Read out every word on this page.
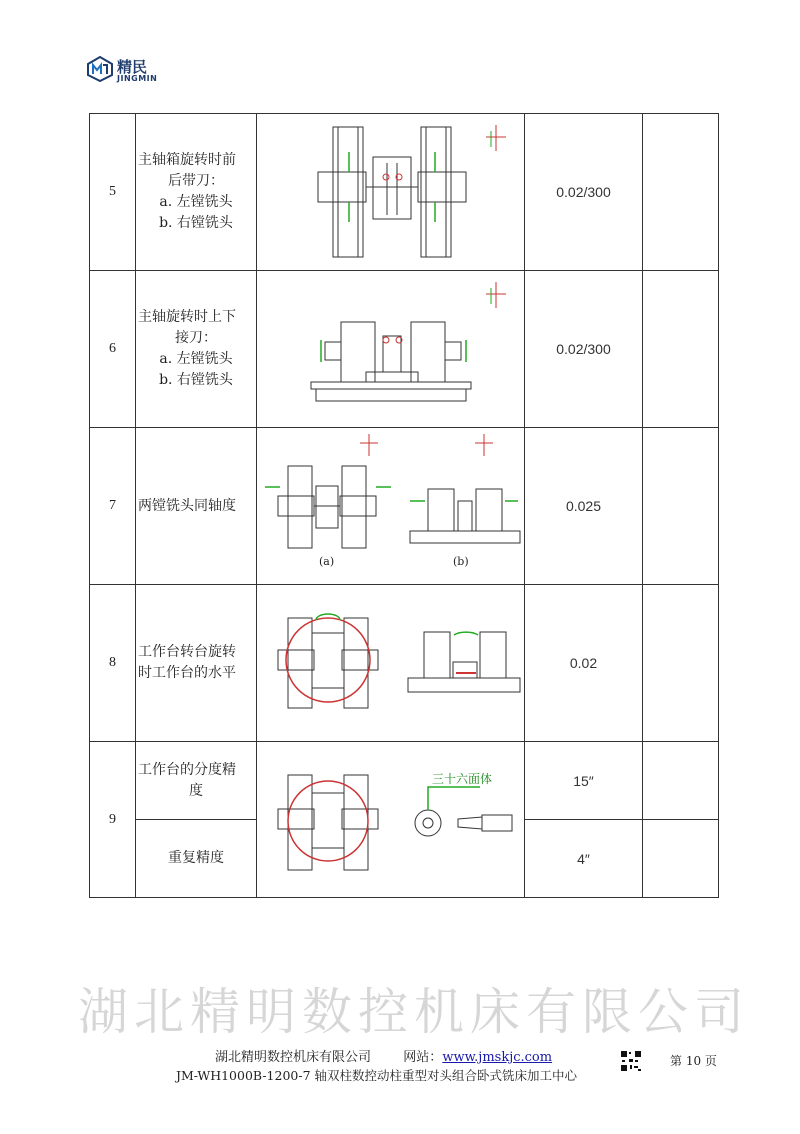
精民
JINGMIN
5	主轴箱旋转时前
后带刀：
a. 左镗铣头
b. 右镗铣头		0.02/300	
6	主轴旋转时上下
接刀：
a. 左镗铣头
b. 右镗铣头		0.02/300	
7	两镗铣头同轴度	(a) (b)	0.025	
8	工作台转台旋转
时工作台的水平		0.02	
9	工作台的分度精
度	三十六面体	15″	

	重复精度		4″	
湖北精明数控机床有限公司
湖北精明数控机床有限公司 网站：www.jmskjc.com	第 10 页
JM-WH1000B-1200-7 轴双柱数控动柱重型对头组合卧式铣床加工中心
